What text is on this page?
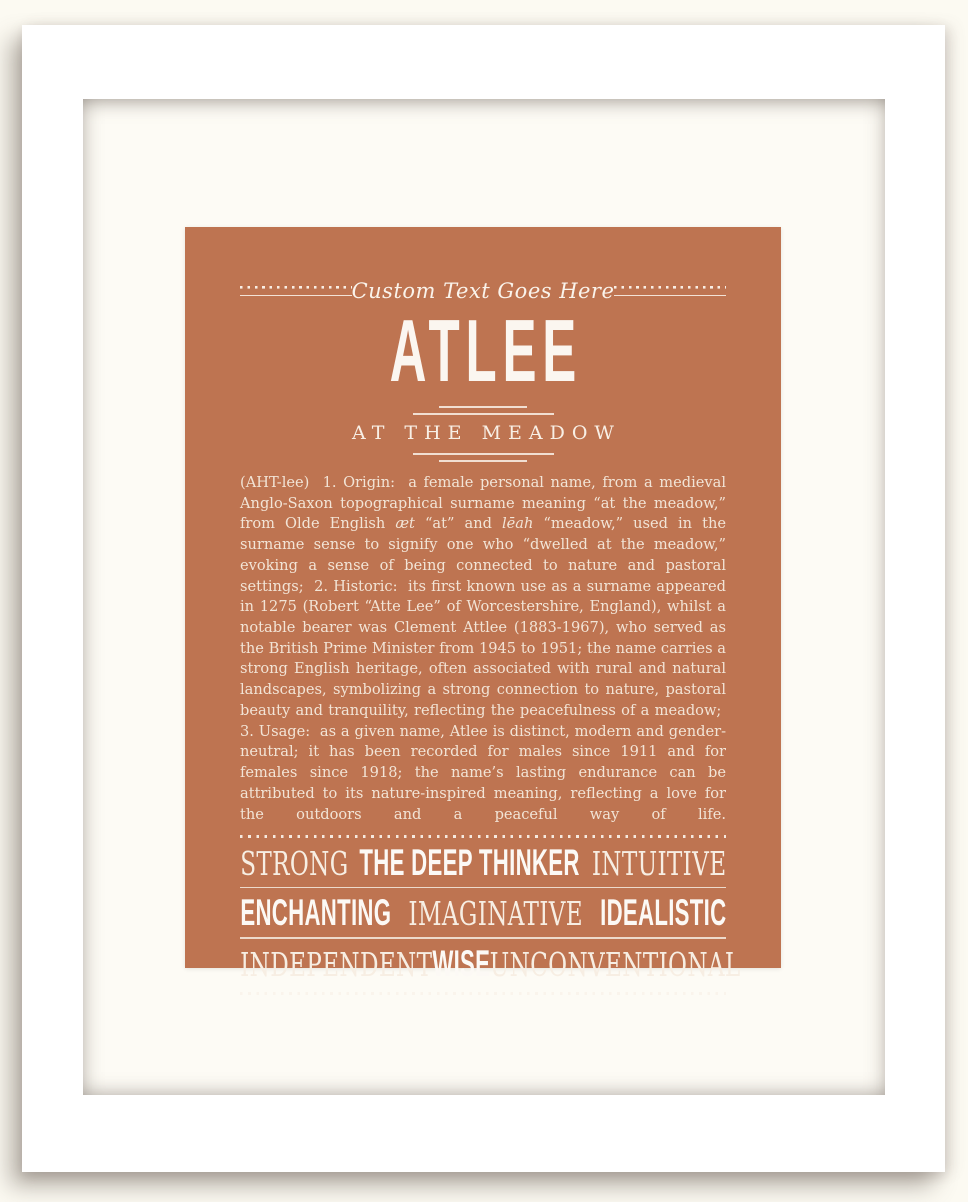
Custom Text Goes Here
ATLEE
AT THE MEADOW

(AHT-lee)  1. Origin:  a female personal name, from a medieval Anglo-Saxon topographical surname meaning “at the meadow,” from Olde English æt “at” and lēah “meadow,” used in the surname sense to signify one who “dwelled at the meadow,” evoking a sense of being connected to nature and pastoral settings;  2. Historic:  its first known use as a surname appeared in 1275 (Robert “Atte Lee” of Worcestershire, England), whilst a notable bearer was Clement Attlee (1883-1967), who served as the British Prime Minister from 1945 to 1951; the name carries a strong English heritage, often associated with rural and natural landscapes, symbolizing a strong connection to nature, pastoral beauty and tranquility, reflecting the peacefulness of a meadow;  3. Usage:  as a given name, Atlee is distinct, modern and gender-neutral; it has been recorded for males since 1911 and for females since 1918; the name’s lasting endurance can be attributed to its nature-inspired meaning, reflecting a love for the outdoors and a peaceful way of life.

STRONG THE DEEP THINKER INTUITIVE
ENCHANTING IMAGINATIVE IDEALISTIC
INDEPENDENT WISE UNCONVENTIONAL
